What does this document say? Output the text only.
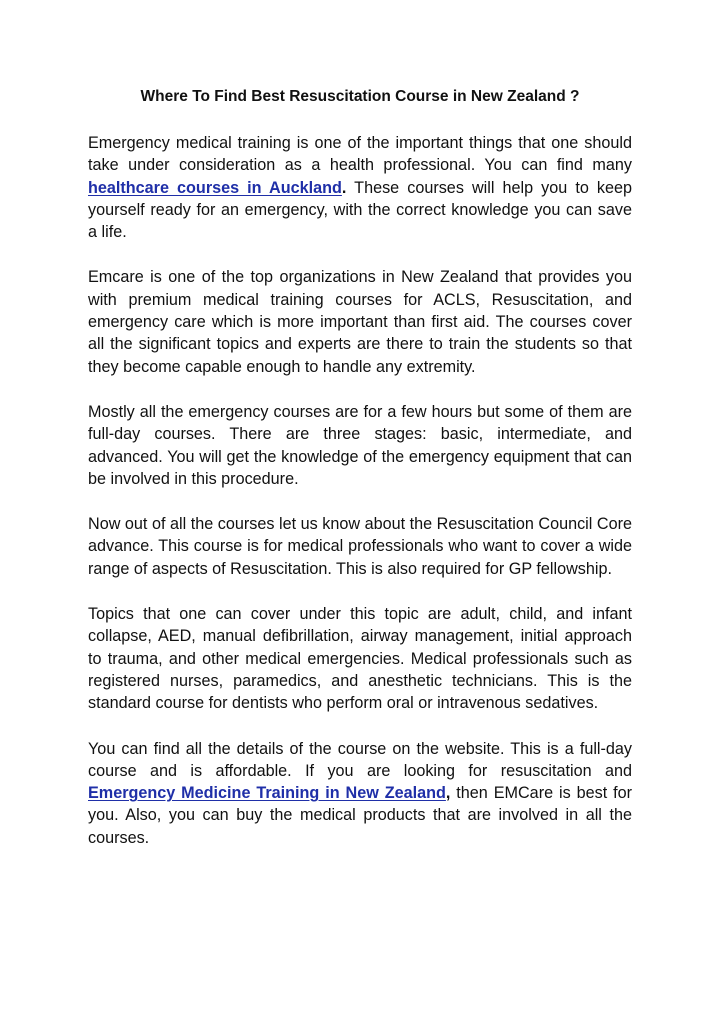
Where To Find Best Resuscitation Course in New Zealand ?

Emergency medical training is one of the important things that one should take under consideration as a health professional. You can find many healthcare courses in Auckland. These courses will help you to keep yourself ready for an emergency, with the correct knowledge you can save a life.

Emcare is one of the top organizations in New Zealand that provides you with premium medical training courses for ACLS, Resuscitation, and emergency care which is more important than first aid. The courses cover all the significant topics and experts are there to train the students so that they become capable enough to handle any extremity.

Mostly all the emergency courses are for a few hours but some of them are full-day courses. There are three stages: basic, intermediate, and advanced. You will get the knowledge of the emergency equipment that can be involved in this procedure.

Now out of all the courses let us know about the Resuscitation Council Core advance. This course is for medical professionals who want to cover a wide range of aspects of Resuscitation. This is also required for GP fellowship.

Topics that one can cover under this topic are adult, child, and infant collapse, AED, manual defibrillation, airway management, initial approach to trauma, and other medical emergencies. Medical professionals such as registered nurses, paramedics, and anesthetic technicians. This is the standard course for dentists who perform oral or intravenous sedatives.

You can find all the details of the course on the website. This is a full-day course and is affordable. If you are looking for resuscitation and Emergency Medicine Training in New Zealand, then EMCare is best for you. Also, you can buy the medical products that are involved in all the courses.
